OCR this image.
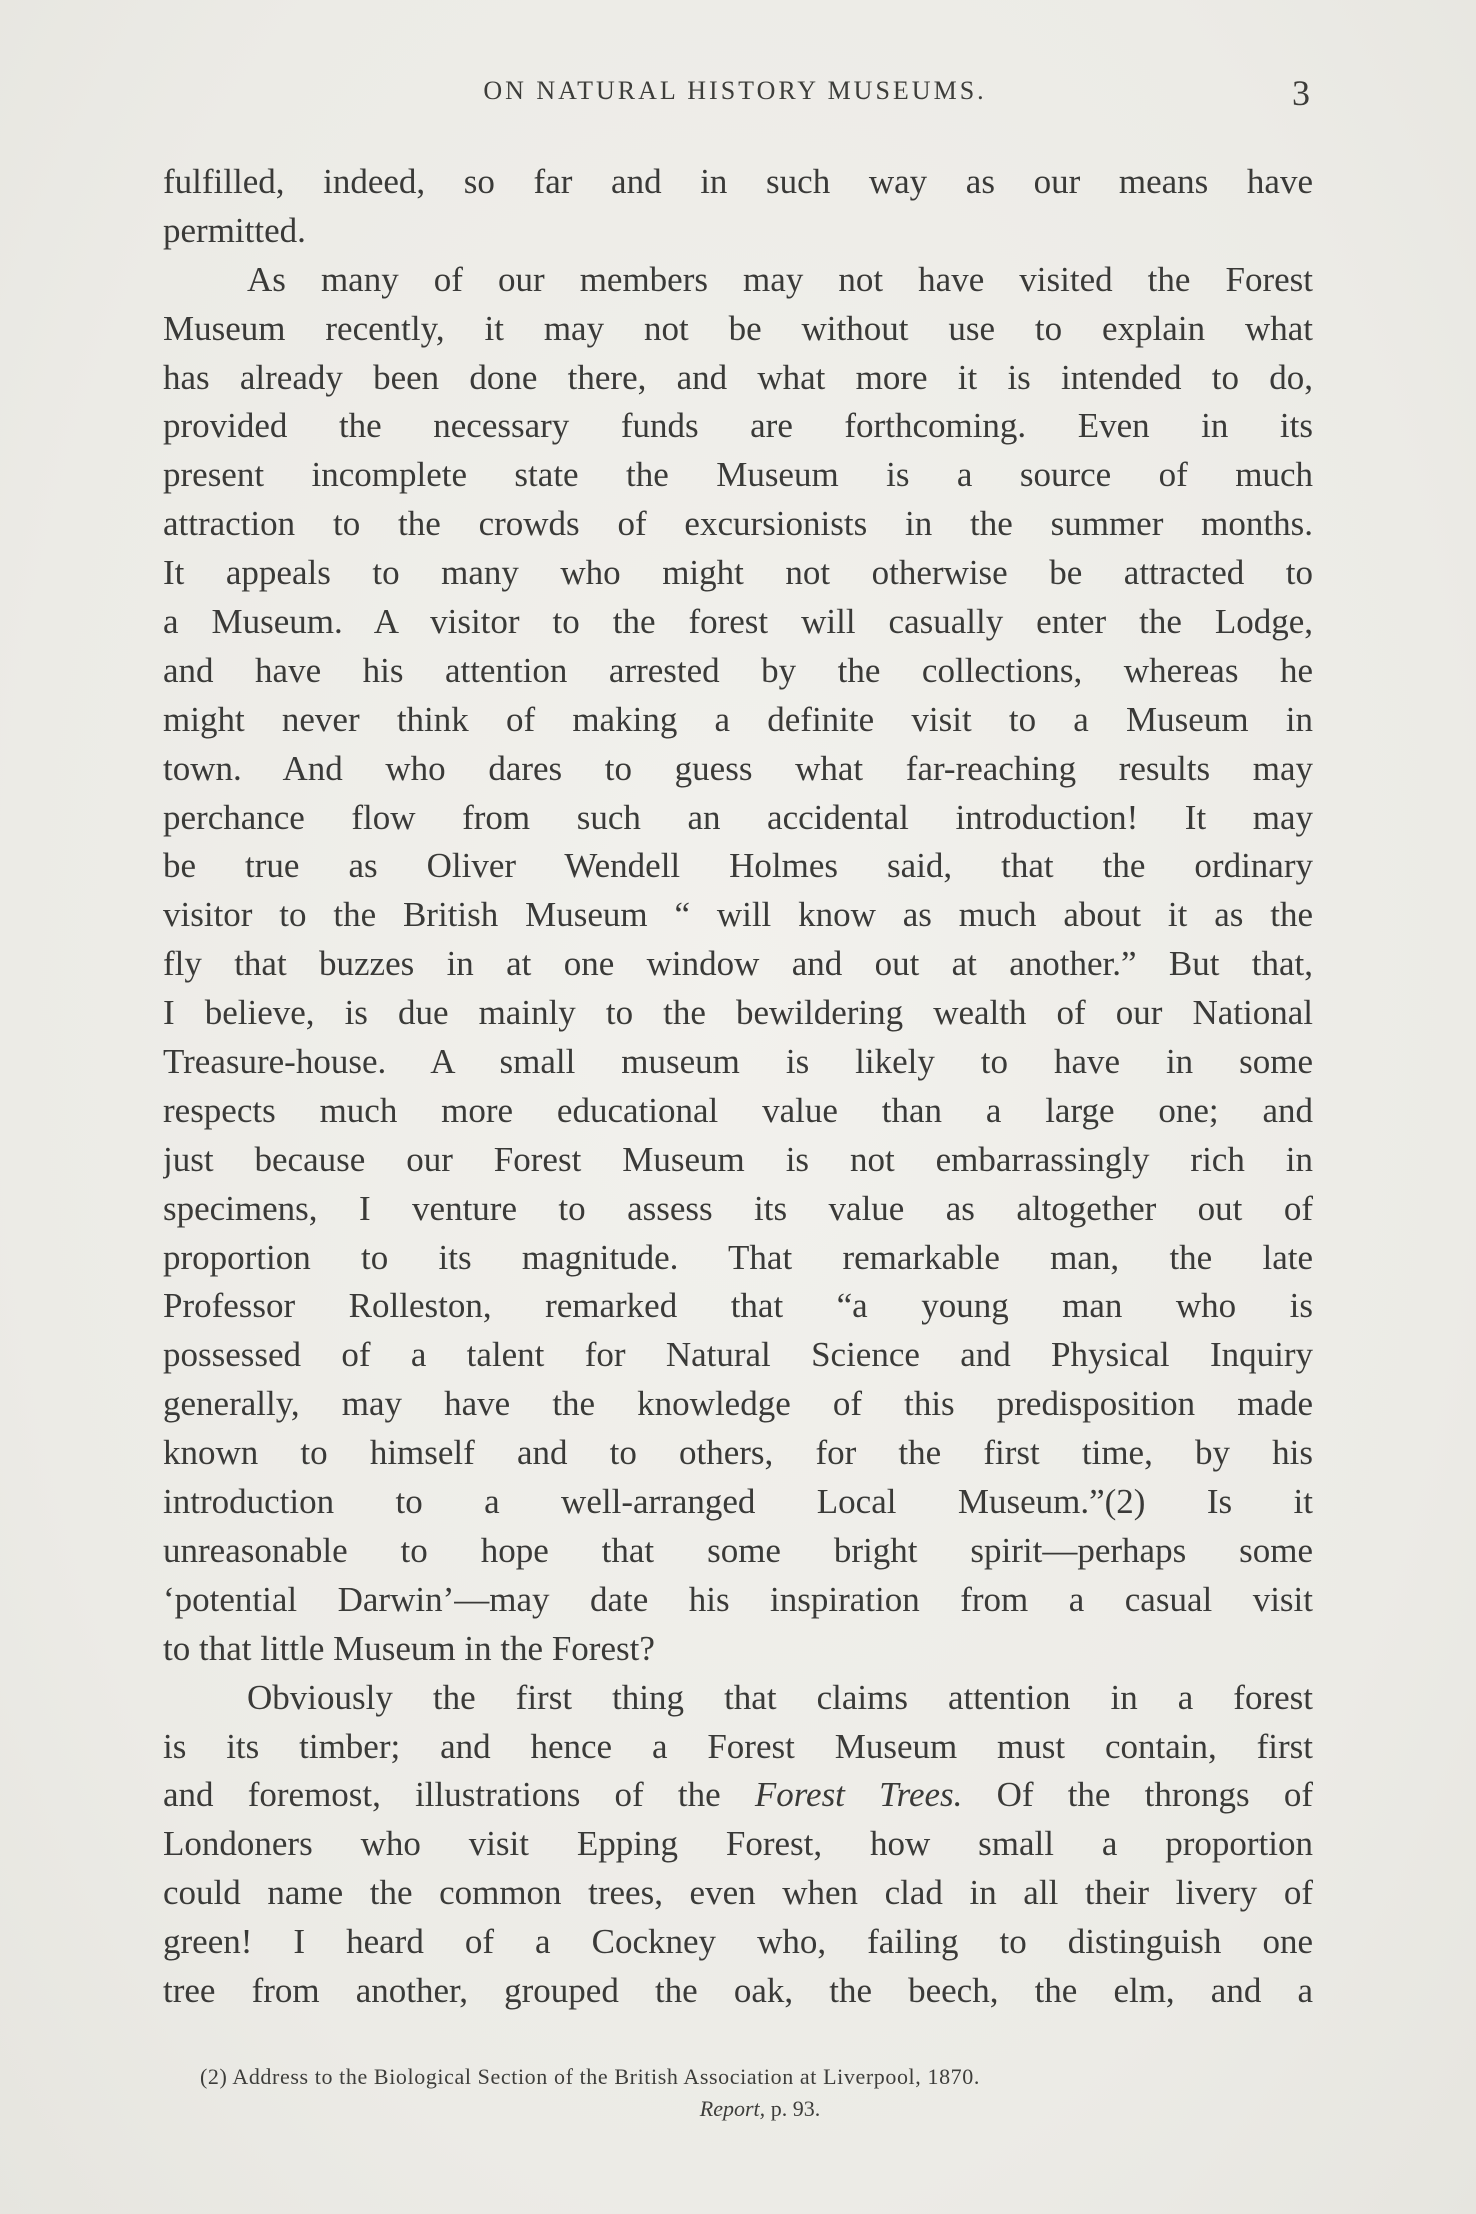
ON NATURAL HISTORY MUSEUMS.	3
fulfilled, indeed, so far and in such way as our means have
permitted.
As many of our members may not have visited the Forest
Museum recently, it may not be without use to explain what
has already been done there, and what more it is intended to do,
provided the necessary funds are forthcoming. Even in its
present incomplete state the Museum is a source of much
attraction to the crowds of excursionists in the summer months.
It appeals to many who might not otherwise be attracted to
a Museum. A visitor to the forest will casually enter the Lodge,
and have his attention arrested by the collections, whereas he
might never think of making a definite visit to a Museum in
town. And who dares to guess what far-reaching results may
perchance flow from such an accidental introduction! It may
be true as Oliver Wendell Holmes said, that the ordinary
visitor to the British Museum “ will know as much about it as the
fly that buzzes in at one window and out at another.” But that,
I believe, is due mainly to the bewildering wealth of our National
Treasure-house. A small museum is likely to have in some
respects much more educational value than a large one; and
just because our Forest Museum is not embarrassingly rich in
specimens, I venture to assess its value as altogether out of
proportion to its magnitude. That remarkable man, the late
Professor Rolleston, remarked that “a young man who is
possessed of a talent for Natural Science and Physical Inquiry
generally, may have the knowledge of this predisposition made
known to himself and to others, for the first time, by his
introduction to a well-arranged Local Museum.”(2) Is it
unreasonable to hope that some bright spirit—perhaps some
‘potential Darwin’—may date his inspiration from a casual visit
to that little Museum in the Forest?
Obviously the first thing that claims attention in a forest
is its timber; and hence a Forest Museum must contain, first
and foremost, illustrations of the Forest Trees. Of the throngs of
Londoners who visit Epping Forest, how small a proportion
could name the common trees, even when clad in all their livery of
green! I heard of a Cockney who, failing to distinguish one
tree from another, grouped the oak, the beech, the elm, and a
(2) Address to the Biological Section of the British Association at Liverpool, 1870.
Report, p. 93.
